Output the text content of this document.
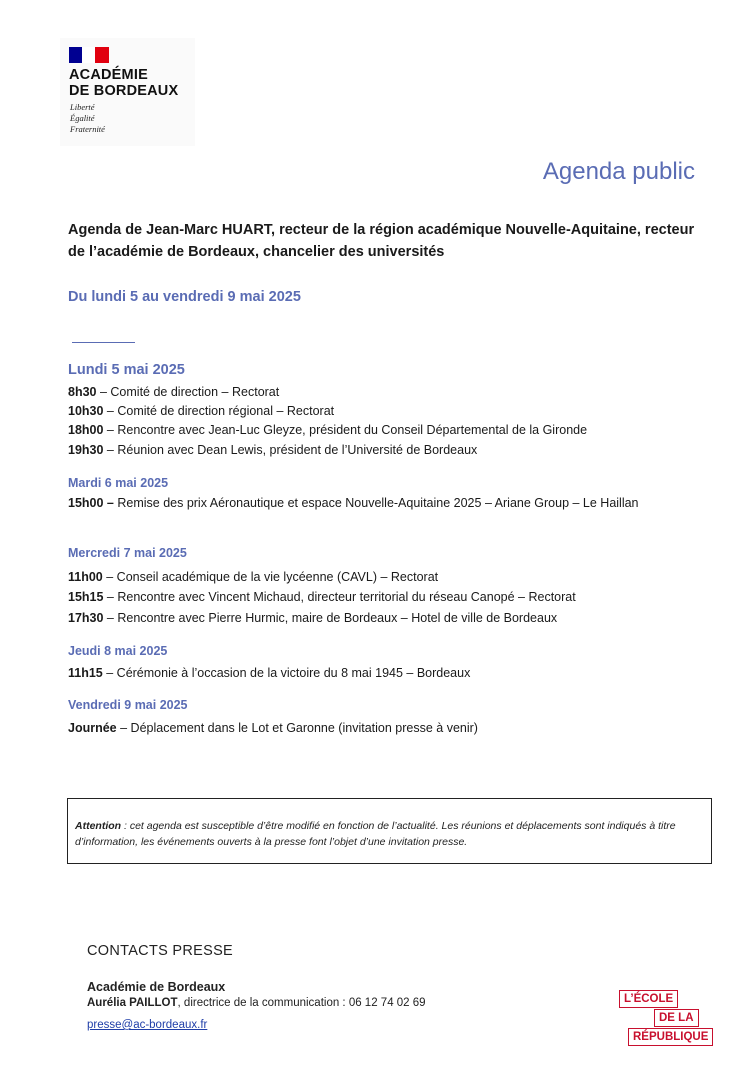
ACADÉMIE
DE BORDEAUX
Liberté
Égalité
Fraternité
Agenda public
Agenda de Jean-Marc HUART, recteur de la région académique Nouvelle-Aquitaine, recteur de l’académie de Bordeaux, chancelier des universités
Du lundi 5 au vendredi 9 mai 2025
Lundi 5 mai 2025
8h30 – Comité de direction – Rectorat
10h30 – Comité de direction régional – Rectorat
18h00 – Rencontre avec Jean-Luc Gleyze, président du Conseil Départemental de la Gironde
19h30 – Réunion avec Dean Lewis, président de l’Université de Bordeaux
Mardi 6 mai 2025
15h00 – Remise des prix Aéronautique et espace Nouvelle-Aquitaine 2025 – Ariane Group – Le Haillan
Mercredi 7 mai 2025
11h00 – Conseil académique de la vie lycéenne (CAVL) – Rectorat
15h15 – Rencontre avec Vincent Michaud, directeur territorial du réseau Canopé – Rectorat
17h30 – Rencontre avec Pierre Hurmic, maire de Bordeaux – Hotel de ville de Bordeaux
Jeudi 8 mai 2025
11h15 – Cérémonie à l’occasion de la victoire du 8 mai 1945 – Bordeaux
Vendredi 9 mai 2025
Journée – Déplacement dans le Lot et Garonne (invitation presse à venir)

Attention : cet agenda est susceptible d’être modifié en fonction de l’actualité. Les réunions et déplacements sont indiqués à titre d’information, les événements ouverts à la presse font l’objet d’une invitation presse.

CONTACTS PRESSE
Académie de Bordeaux
Aurélia PAILLOT, directrice de la communication : 06 12 74 02 69
presse@ac-bordeaux.fr
L’ÉCOLE
DE LA
RÉPUBLIQUE
